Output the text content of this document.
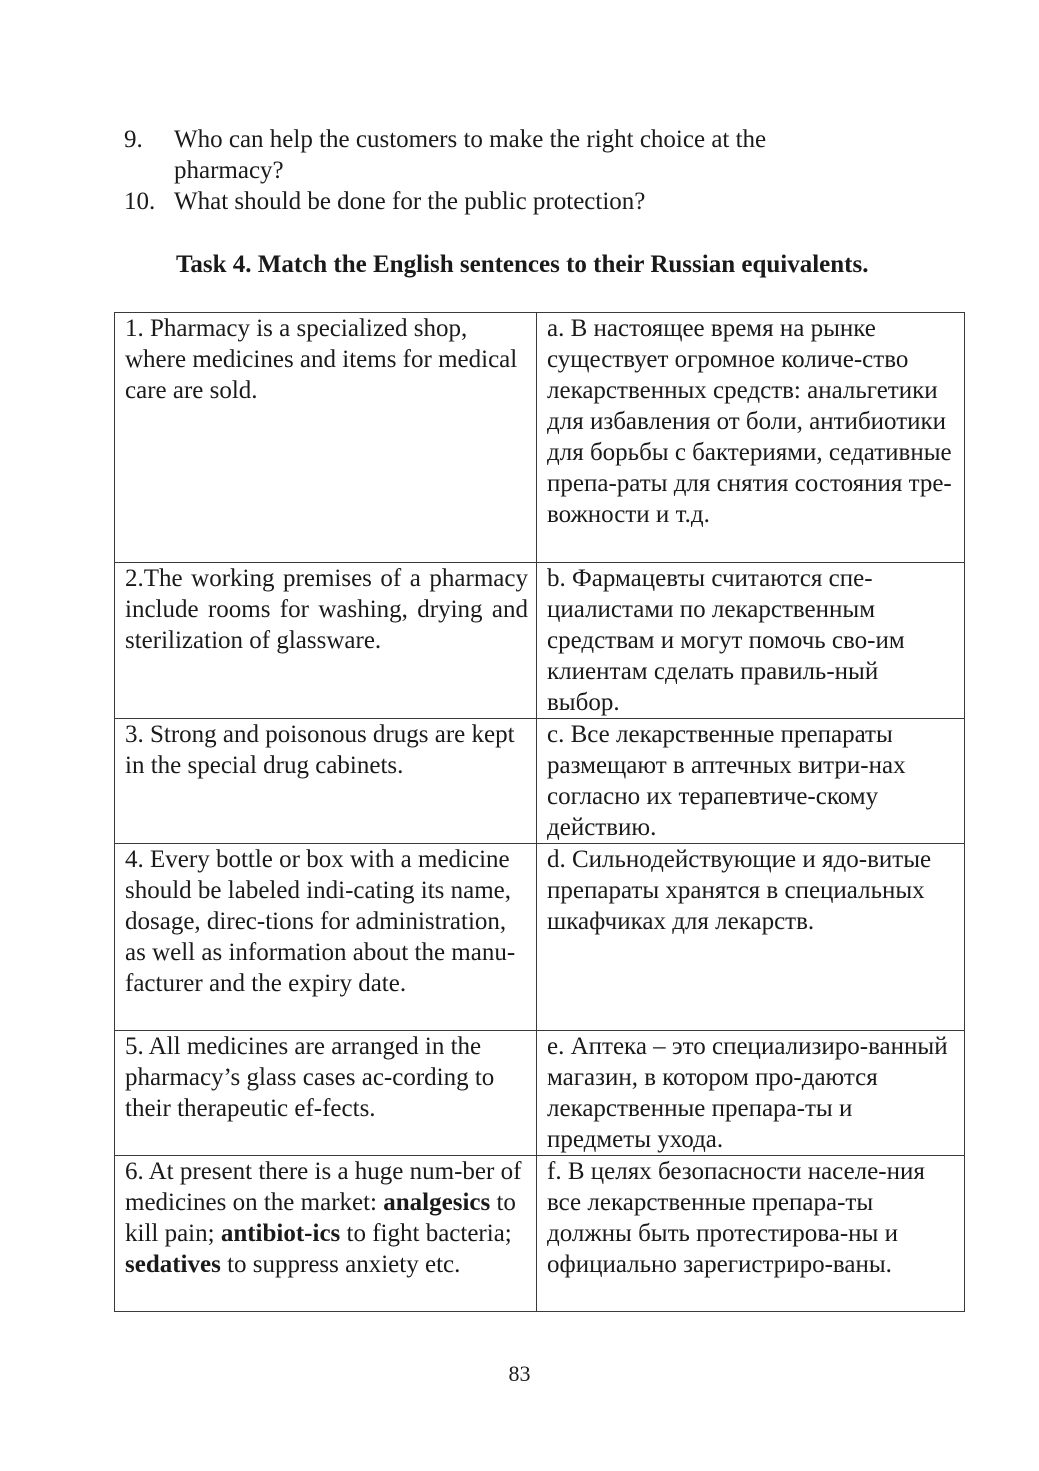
9.	Who can help the customers to make the right choice at the pharmacy?
10. What should be done for the public protection?

Task 4. Match the English sentences to their Russian equivalents.

1. Pharmacy is a specialized shop, where medicines and items for medical care are sold.	a. В настоящее время на рынке существует огромное количе-ство лекарственных средств: анальгетики для избавления от боли, антибиотики для борьбы с бактериями, седативные препа-раты для снятия состояния тре-вожности и т.д.
2.The working premises of a pharmacy include rooms for washing, drying and sterilization of glassware.	b. Фармацевты считаются спе-циалистами по лекарственным средствам и могут помочь сво-им клиентам сделать правиль-ный выбор.
3. Strong and poisonous drugs are kept in the special drug cabinets.	c. Все лекарственные препараты размещают в аптечных витри-нах согласно их терапевтиче-скому действию.
4. Every bottle or box with a medicine should be labeled indi-cating its name, dosage, direc-tions for administration, as well as information about the manu-facturer and the expiry date.	d. Сильнодействующие и ядо-витые препараты хранятся в специальных шкафчиках для лекарств.
5. All medicines are arranged in the pharmacy’s glass cases ac-cording to their therapeutic ef-fects.	e. Аптека – это специализиро-ванный магазин, в котором про-даются лекарственные препара-ты и предметы ухода.
6. At present there is a huge num-ber of medicines on the market: analgesics to kill pain; antibiot-ics to fight bacteria; sedatives to suppress anxiety etc.	f. В целях безопасности населе-ния все лекарственные препара-ты должны быть протестирова-ны и официально зарегистриро-ваны.
83
